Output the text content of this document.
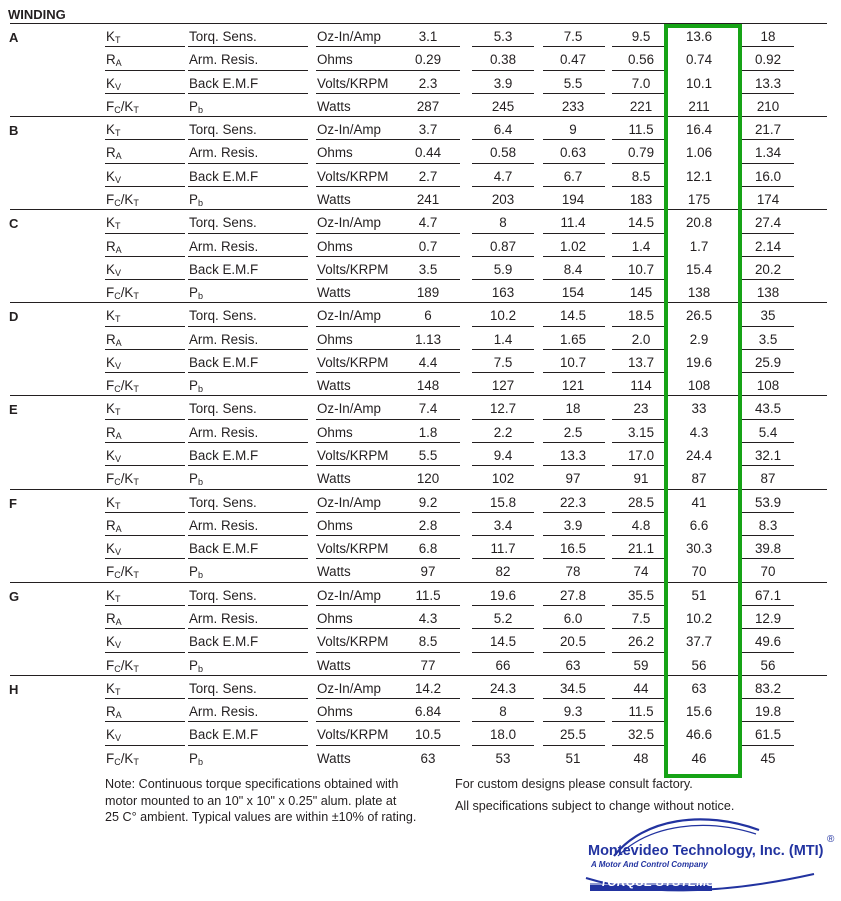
WINDING
A	$K_T$	Torq. Sens.	Oz-In/Amp	3.1	5.3	7.5	9.5	13.6	18
$R_A$	Arm. Resis.	Ohms	0.29	0.38	0.47	0.56	0.74	0.92
$K_V$	Back E.M.F	Volts/KRPM	2.3	3.9	5.5	7.0	10.1	13.3
$F_C/K_T$	$P_b$	Watts	287	245	233	221	211	210
B	$K_T$	Torq. Sens.	Oz-In/Amp	3.7	6.4	9	11.5	16.4	21.7
$R_A$	Arm. Resis.	Ohms	0.44	0.58	0.63	0.79	1.06	1.34
$K_V$	Back E.M.F	Volts/KRPM	2.7	4.7	6.7	8.5	12.1	16.0
$F_C/K_T$	$P_b$	Watts	241	203	194	183	175	174
C	$K_T$	Torq. Sens.	Oz-In/Amp	4.7	8	11.4	14.5	20.8	27.4
$R_A$	Arm. Resis.	Ohms	0.7	0.87	1.02	1.4	1.7	2.14
$K_V$	Back E.M.F	Volts/KRPM	3.5	5.9	8.4	10.7	15.4	20.2
$F_C/K_T$	$P_b$	Watts	189	163	154	145	138	138
D	$K_T$	Torq. Sens.	Oz-In/Amp	6	10.2	14.5	18.5	26.5	35
$R_A$	Arm. Resis.	Ohms	1.13	1.4	1.65	2.0	2.9	3.5
$K_V$	Back E.M.F	Volts/KRPM	4.4	7.5	10.7	13.7	19.6	25.9
$F_C/K_T$	$P_b$	Watts	148	127	121	114	108	108
E	$K_T$	Torq. Sens.	Oz-In/Amp	7.4	12.7	18	23	33	43.5
$R_A$	Arm. Resis.	Ohms	1.8	2.2	2.5	3.15	4.3	5.4
$K_V$	Back E.M.F	Volts/KRPM	5.5	9.4	13.3	17.0	24.4	32.1
$F_C/K_T$	$P_b$	Watts	120	102	97	91	87	87
F	$K_T$	Torq. Sens.	Oz-In/Amp	9.2	15.8	22.3	28.5	41	53.9
$R_A$	Arm. Resis.	Ohms	2.8	3.4	3.9	4.8	6.6	8.3
$K_V$	Back E.M.F	Volts/KRPM	6.8	11.7	16.5	21.1	30.3	39.8
$F_C/K_T$	$P_b$	Watts	97	82	78	74	70	70
G	$K_T$	Torq. Sens.	Oz-In/Amp	11.5	19.6	27.8	35.5	51	67.1
$R_A$	Arm. Resis.	Ohms	4.3	5.2	6.0	7.5	10.2	12.9
$K_V$	Back E.M.F	Volts/KRPM	8.5	14.5	20.5	26.2	37.7	49.6
$F_C/K_T$	$P_b$	Watts	77	66	63	59	56	56
H	$K_T$	Torq. Sens.	Oz-In/Amp	14.2	24.3	34.5	44	63	83.2
$R_A$	Arm. Resis.	Ohms	6.84	8	9.3	11.5	15.6	19.8
$K_V$	Back E.M.F	Volts/KRPM	10.5	18.0	25.5	32.5	46.6	61.5
$F_C/K_T$	$P_b$	Watts	63	53	51	48	46	45
Note: Continuous torque specifications obtained with
motor mounted to an 10" x 10" x 0.25" alum. plate at
25 C° ambient. Typical values are within ±10% of rating.
For custom designs please consult factory.
All specifications subject to change without notice.
Montevideo Technology, Inc. (MTI)
®
A Motor And Control Company
TORQUE SYSTEMS
